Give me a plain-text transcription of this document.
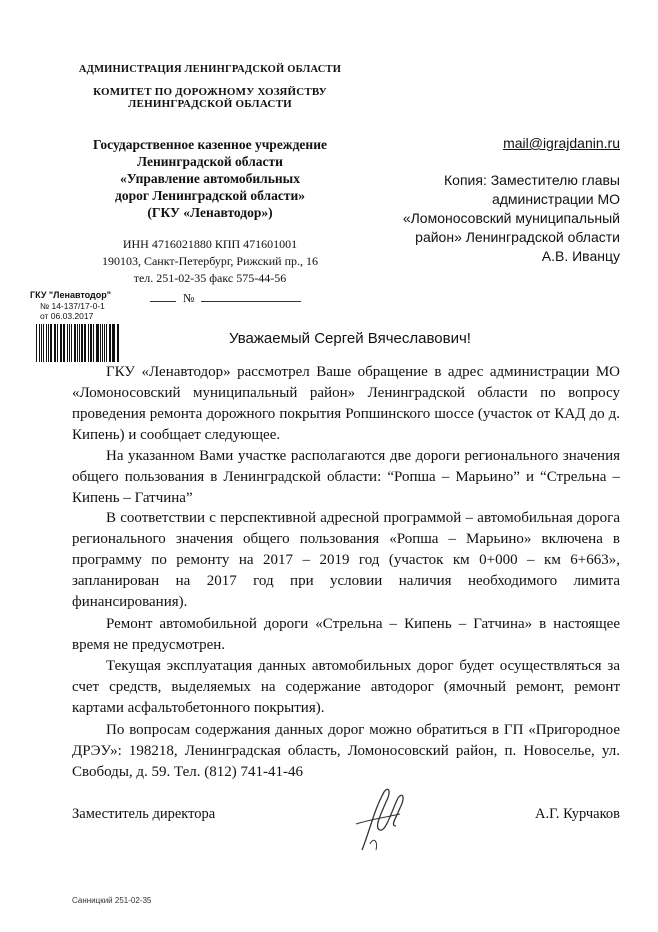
АДМИНИСТРАЦИЯ ЛЕНИНГРАДСКОЙ ОБЛАСТИ
КОМИТЕТ ПО ДОРОЖНОМУ ХОЗЯЙСТВУ
ЛЕНИНГРАДСКОЙ ОБЛАСТИ
Государственное казенное учреждение
Ленинградской области
«Управление автомобильных
дорог Ленинградской области»
(ГКУ «Ленавтодор»)
ИНН 4716021880 КПП 471601001
190103, Санкт-Петербург, Рижский пр., 16
тел. 251-02-35 факс 575-44-56
№
ГКУ "Ленавтодор"
№ 14-137/17-0-1
от 06.03.2017
mail@igrajdanin.ru
Копия: Заместителю главы
администрации МО
«Ломоносовский муниципальный
район» Ленинградской области
А.В. Иванцу
Уважаемый Сергей Вячеславович!
ГКУ «Ленавтодор» рассмотрел Ваше обращение в адрес администрации МО «Ломоносовский муниципальный район» Ленинградской области по вопросу проведения ремонта дорожного покрытия Ропшинского шоссе (участок от КАД до д. Кипень) и сообщает следующее.
На указанном Вами участке располагаются две дороги регионального значения общего пользования в Ленинградской области: “Ропша – Марьино” и “Стрельна – Кипень – Гатчина”
В соответствии с перспективной адресной программой – автомобильная дорога регионального значения общего пользования «Ропша – Марьино» включена в программу по ремонту на 2017 – 2019 год (участок км 0+000 – км 6+663», запланирован на 2017 год при условии наличия необходимого лимита финансирования).
Ремонт автомобильной дороги «Стрельна – Кипень – Гатчина» в настоящее время не предусмотрен.
Текущая эксплуатация данных автомобильных дорог будет осуществляться за счет средств, выделяемых на содержание автодорог (ямочный ремонт, ремонт картами асфальтобетонного покрытия).
По вопросам содержания данных дорог можно обратиться в ГП «Пригородное ДРЭУ»: 198218, Ленинградская область, Ломоносовский район, п. Новоселье, ул. Свободы, д. 59. Тел. (812) 741-41-46
Заместитель директора	А.Г. Курчаков
Санницкий 251-02-35
